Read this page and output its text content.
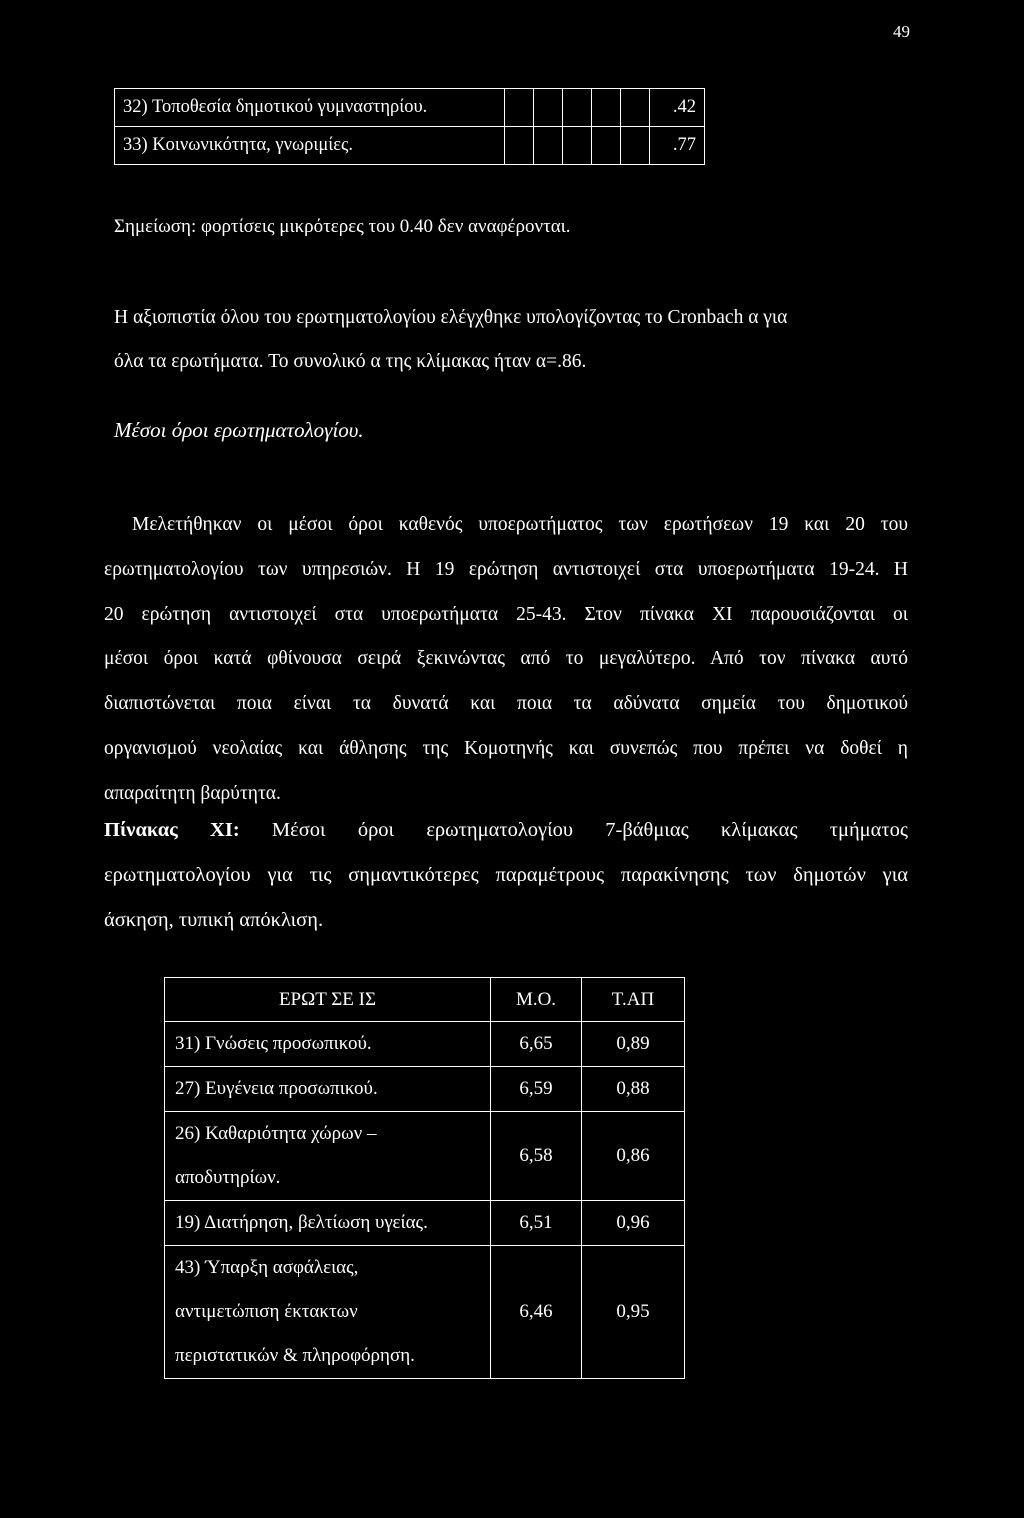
49
32) Τοποθεσία δημοτικού γυμναστηρίου.						.42
33) Κοινωνικότητα, γνωριμίες.						.77
Σημείωση: φορτίσεις μικρότερες του 0.40 δεν αναφέρονται.
Η αξιοπιστία όλου του ερωτηματολογίου ελέγχθηκε υπολογίζοντας το Cronbach α για
όλα τα ερωτήματα. Το συνολικό α της κλίμακας ήταν α=.86.
Μέσοι όροι ερωτηματολογίου.
Μελετήθηκαν οι μέσοι όροι καθενός υποερωτήματος των ερωτήσεων 19 και 20 του
ερωτηματολογίου των υπηρεσιών. Η 19 ερώτηση αντιστοιχεί στα υποερωτήματα 19-24. Η
20 ερώτηση αντιστοιχεί στα υποερωτήματα 25-43. Στον πίνακα XI παρουσιάζονται οι
μέσοι όροι κατά φθίνουσα σειρά ξεκινώντας από το μεγαλύτερο. Από τον πίνακα αυτό
διαπιστώνεται ποια είναι τα δυνατά και ποια τα αδύνατα σημεία του δημοτικού
οργανισμού νεολαίας και άθλησης της Κομοτηνής και συνεπώς που πρέπει να δοθεί η
απαραίτητη βαρύτητα.
Πίνακας XI: Μέσοι όροι ερωτηματολογίου 7-βάθμιας κλίμακας τμήματος
ερωτηματολογίου για τις σημαντικότερες παραμέτρους παρακίνησης των δημοτών για
άσκηση, τυπική απόκλιση.
ΕΡΩΤ ΣΕ ΙΣ	Μ.Ο.	Τ.ΑΠ
31) Γνώσεις προσωπικού.	6,65	0,89
27) Ευγένεια προσωπικού.	6,59	0,88

26) Καθαριότητα χώρων –
αποδυτηρίων.	6,58	0,86
19) Διατήρηση, βελτίωση υγείας.	6,51	0,96

43) Ύπαρξη ασφάλειας,
αντιμετώπιση έκτακτων
περιστατικών & πληροφόρηση.	6,46	0,95
